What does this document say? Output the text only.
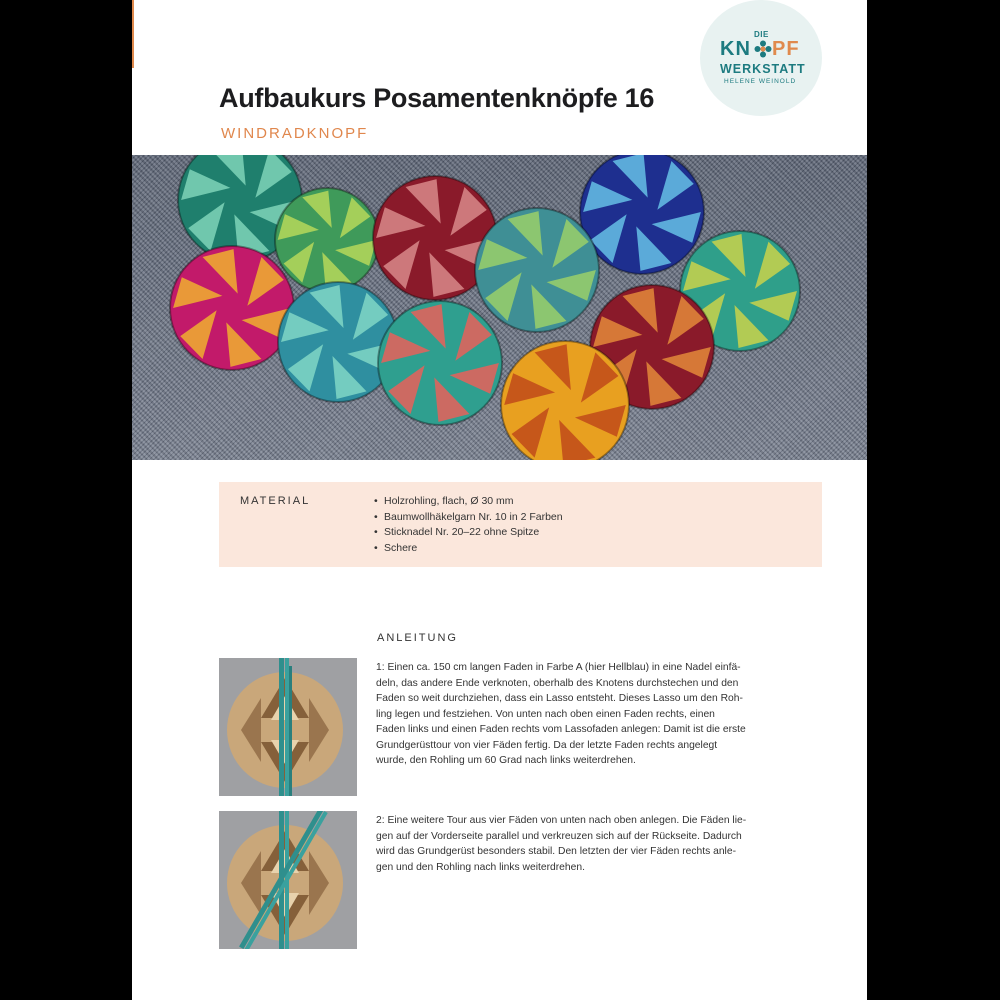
DIE
KN PF
WERKSTATT
HELENE WEINOLD
Aufbaukurs Posamentenknöpfe 16
WINDRADKNOPF
MATERIAL
•	Holzrohling, flach, Ø 30 mm
• Baumwollhäkelgarn Nr. 10 in 2 Farben
• Sticknadel Nr. 20–22 ohne Spitze
• Schere
ANLEITUNG
1: Einen ca. 150 cm langen Faden in Farbe A (hier Hellblau) in eine Nadel einfä-
deln, das andere Ende verknoten, oberhalb des Knotens durchstechen und den
Faden so weit durchziehen, dass ein Lasso entsteht. Dieses Lasso um den Roh-
ling legen und festziehen. Von unten nach oben einen Faden rechts, einen
Faden links und einen Faden rechts vom Lassofaden anlegen: Damit ist die erste
Grundgerüsttour von vier Fäden fertig. Da der letzte Faden rechts angelegt
wurde, den Rohling um 60 Grad nach links weiterdrehen.
2: Eine weitere Tour aus vier Fäden von unten nach oben anlegen. Die Fäden lie-
gen auf der Vorderseite parallel und verkreuzen sich auf der Rückseite. Dadurch
wird das Grundgerüst besonders stabil. Den letzten der vier Fäden rechts anle-
gen und den Rohling nach links weiterdrehen.
